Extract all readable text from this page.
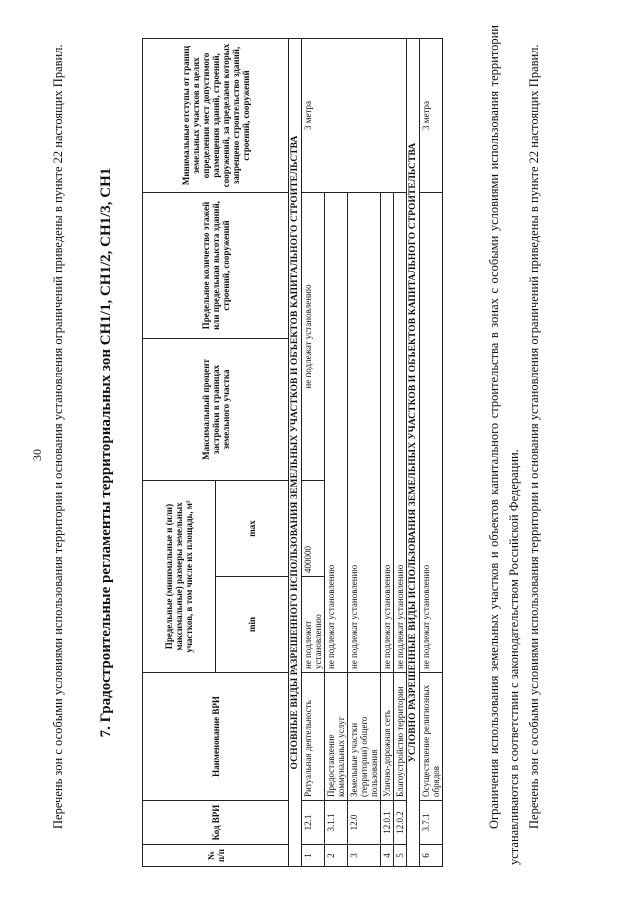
30 Перечень зон с особыми условиями использования территории и основания установления ограничений приведены в пункте 22 настоящих Правил. 7. Градостроительные регламенты территориальных зон СН1/1, СН1/2, СН1/3, СН1
№ п/п	Код ВРИ	Наименование ВРИ	Предельные (минимальные и (или) максимальные) размеры земельных участков, в том числе их площадь, м²		Максимальный процент застройки в границах земельного участка	Предельное количество этажей или предельная высота зданий, строений, сооружений	Минимальные отступы от границ земельных участков в целях определения мест допустимого размещения зданий, строений, сооружений, за пределами которых запрещено строительство зданий, строений, сооружений
			min	max			
ОСНОВНЫЕ ВИДЫ РАЗРЕШЕННОГО ИСПОЛЬЗОВАНИЯ ЗЕМЕЛЬНЫХ УЧАСТКОВ И ОБЪЕКТОВ КАПИТАЛЬНОГО СТРОИТЕЛЬСТВА							
1	12.1	Ритуальная деятельность	не подлежит установлению	400000	не подлежат установлению		3 метра
2	3.1.1	Предоставление коммунальных услуг	не подлежат установлению				
3	12.0	Земельные участки (территории) общего пользования	не подлежат установлению				
4	12.0.1	Улично-дорожная сеть	не подлежат установлению				
5	12.0.2	Благоустройство территории	не подлежат установлению				
УСЛОВНО РАЗРЕШЕННЫЕ ВИДЫ ИСПОЛЬЗОВАНИЯ ЗЕМЕЛЬНЫХ УЧАСТКОВ И ОБЪЕКТОВ КАПИТАЛЬНОГО СТРОИТЕЛЬСТВА							
6	3.7.1	Осуществление религиозных обрядов	не подлежат установлению				3 метра	Ограничения использования земельных участков и объектов капитального строительства в зонах с особыми условиями использования территории устанавливаются в соответствии с законодательством Российской Федерации. Перечень зон с особыми условиями использования территории и основания установления ограничений приведены в пункте 22 настоящих Правил.
